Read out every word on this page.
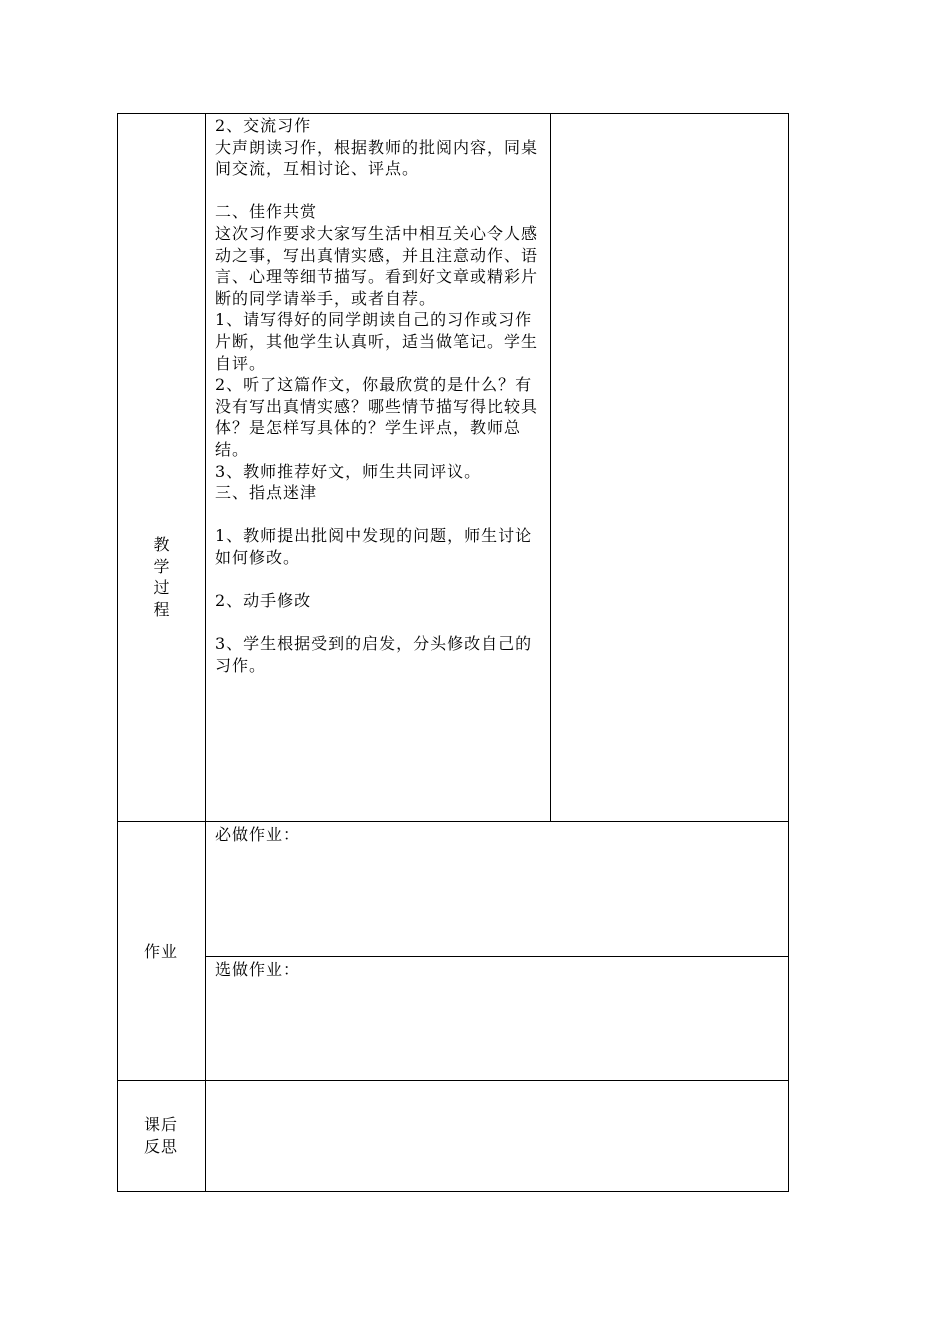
教
学
过
程
2、交流习作
大声朗读习作，根据教师的批阅内容，同桌间交流，互相讨论、评点。

二、佳作共赏
这次习作要求大家写生活中相互关心令人感动之事，写出真情实感，并且注意动作、语言、心理等细节描写。看到好文章或精彩片断的同学请举手，或者自荐。
1、请写得好的同学朗读自己的习作或习作片断，其他学生认真听，适当做笔记。学生自评。
2、听了这篇作文，你最欣赏的是什么？有没有写出真情实感？哪些情节描写得比较具体？是怎样写具体的？学生评点，教师总结。
3、教师推荐好文，师生共同评议。
三、指点迷津

1、教师提出批阅中发现的问题，师生讨论如何修改。

2、动手修改

3、学生根据受到的启发，分头修改自己的习作。
作业
必做作业：
选做作业：
课后
反思
